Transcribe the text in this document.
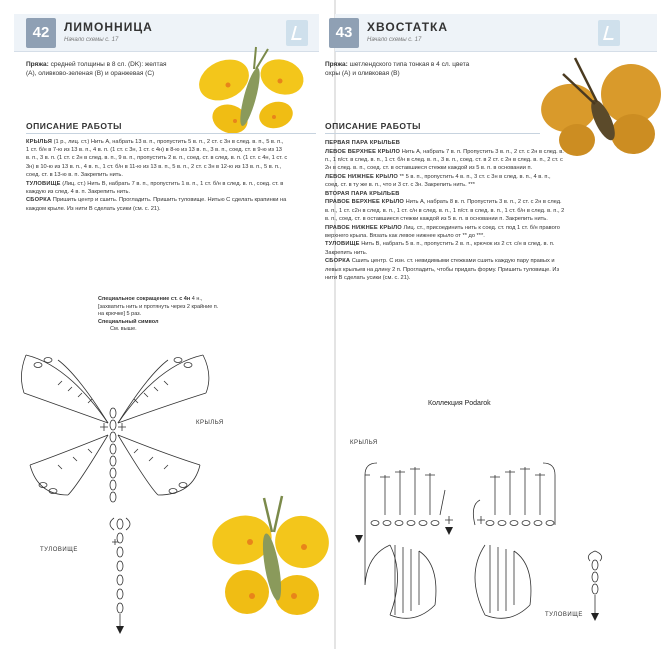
42	ЛИМОННИЦА
Начало схемы с. 17
Пряжа: средней толщины в 8 сл. (DK): желтая (A), оливково-зеленая (B) и оранжевая (C)
ОПИСАНИЕ РАБОТЫ

КРЫЛЬЯ (1 р., лиц. ст.) Нить A, набрать 13 в. п., пропустить 5 в. п., 2 ст. с 3н в след. в. п., 5 в. п., 1 ст. б/н в 7-ю из 13 в. п., 4 в. п. (1 ст. с 3н, 1 ст. с 4н) в 8-ю из 13 в. п., 3 в. п., соед. ст. в 9-ю из 13 в. п., 3 в. п. (1 ст. с 2н в след. в. п., 9 в. п., пропустить 2 в. п., соед. ст. в след. в. п. (1 ст. с 4н, 1 ст. с 3н) в 10-ю из 13 в. п., 4 в. п., 1 ст. б/н в 11-ю из 13 в. п., 5 в. п., 2 ст. с 3н в 12-ю из 13 в. п., 5 в. п., соед. ст. в 13-ю в. п. Закрепить нить.

ТУЛОВИЩЕ (Лиц. ст.) Нить B, набрать 7 в. п., пропустить 1 в. п., 1 ст. б/н в след. в. п., соед. ст. в каждую из след. 4 в. п. Закрепить нить.

СБОРКА Пришить центр и сшить. Прогладить. Пришить туловище. Нитью C сделать крапинки на каждом крыле. Из нити B сделать усики (см. с. 21).

Специальное сокращение ст. с 4н 4 н.,
[захватить нить и протянуть через 2 крайние п.
на крючке] 5 раз.
Специальный символ
См. выше.
КРЫЛЬЯ
ТУЛОВИЩЕ
43	ХВОСТАТКА
Начало схемы с. 17
Пряжа: шетлендского типа тонкая в 4 сл. цвета охры (A) и оливковая (B)
ОПИСАНИЕ РАБОТЫ

ПЕРВАЯ ПАРА КРЫЛЬЕВ

ЛЕВОЕ ВЕРХНЕЕ КРЫЛО Нить A, набрать 7 в. п. Пропустить 3 в. п., 2 ст. с 2н в след. в. п., 1 п/ст. в след. в. п., 1 ст. б/н в след. в. п., 3 в. п., соед. ст. в 2 ст. с 2н в след. в. п., 2 ст. с 2н в след. в. п., соед. ст. в оставшиеся стежки каждой из 5 в. п. в основании п.

ЛЕВОЕ НИЖНЕЕ КРЫЛО ** 5 в. п., пропустить 4 в. п., 3 ст. с 3н в след. в. п., 4 в. п., соед. ст. в ту же в. п., что и 3 ст. с 3н. Закрепить нить. ***

ВТОРАЯ ПАРА КРЫЛЬЕВ

ПРАВОЕ ВЕРХНЕЕ КРЫЛО Нить A, набрать 8 в. п. Пропустить 3 в. п., 2 ст. с 2н в след. в. п., 1 ст. с2н в след. в. п., 1 ст. с/н в след. в. п., 1 п/ст. в след. в. п., 1 ст. б/н в след. в. п., 2 в. п., соед. ст. в оставшиеся стежки каждой из 5 в. п. в основании п. Закрепить нить.

ПРАВОЕ НИЖНЕЕ КРЫЛО Лиц. ст., присоединить нить к соед. ст. под 1 ст. б/н правого верхнего крыла. Вязать как левое нижнее крыло от ** до ***.

ТУЛОВИЩЕ Нить B, набрать 5 в. п., пропустить 2 в. п., крючок из 2 ст. с/н в след. в. п. Закрепить нить.

СБОРКА Сшить центр. С изн. ст. невидимыми стежками сшить каждую пару правых и левых крыльев на длину 2 п. Прогладить, чтобы придать форму. Пришить туловище. Из нити B сделать усики (см. с. 21).

Коллекция Podarok
КРЫЛЬЯ
ТУЛОВИЩЕ
